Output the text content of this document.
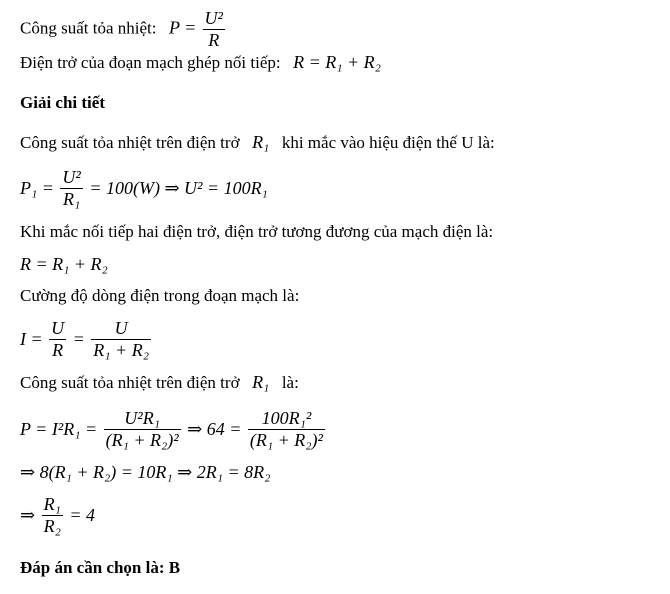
Công suất tỏa nhiệt: $P = \frac{\text{U²}}{R}$
Điện trở của đoạn mạch ghép nối tiếp: R = R₁ + R₂
Giải chi tiết
Công suất tỏa nhiệt trên điện trở R₁ khi mắc vào hiệu điện thế U là:
$P_1 = \frac{\text{U²}}{\text{R₁}} = 100(W)$ ⇒ U² = 100R₁
Khi mắc nối tiếp hai điện trở, điện trở tương đương của mạch điện là:
R = R₁ + R₂
Cường độ dòng điện trong đoạn mạch là:
$I = \frac{U}{R} = \frac{U}{\text{R₁ + R₂}}$
Công suất tỏa nhiệt trên điện trở R₁ là:
$P = I^2R_1 = \frac{\text{U²R₁}}{\text{(R₁ + R₂)²}}$ ⇒ $64 = \frac{\text{100R₁²}}{\text{(R₁ + R₂)²}}$
⇒ 8(R₁ + R₂) = 10R₁ ⇒ 2R₁ = 8R₂
⇒ $\frac{\text{R₁}}{\text{R₂}} = 4$
Đáp án cần chọn là: B
